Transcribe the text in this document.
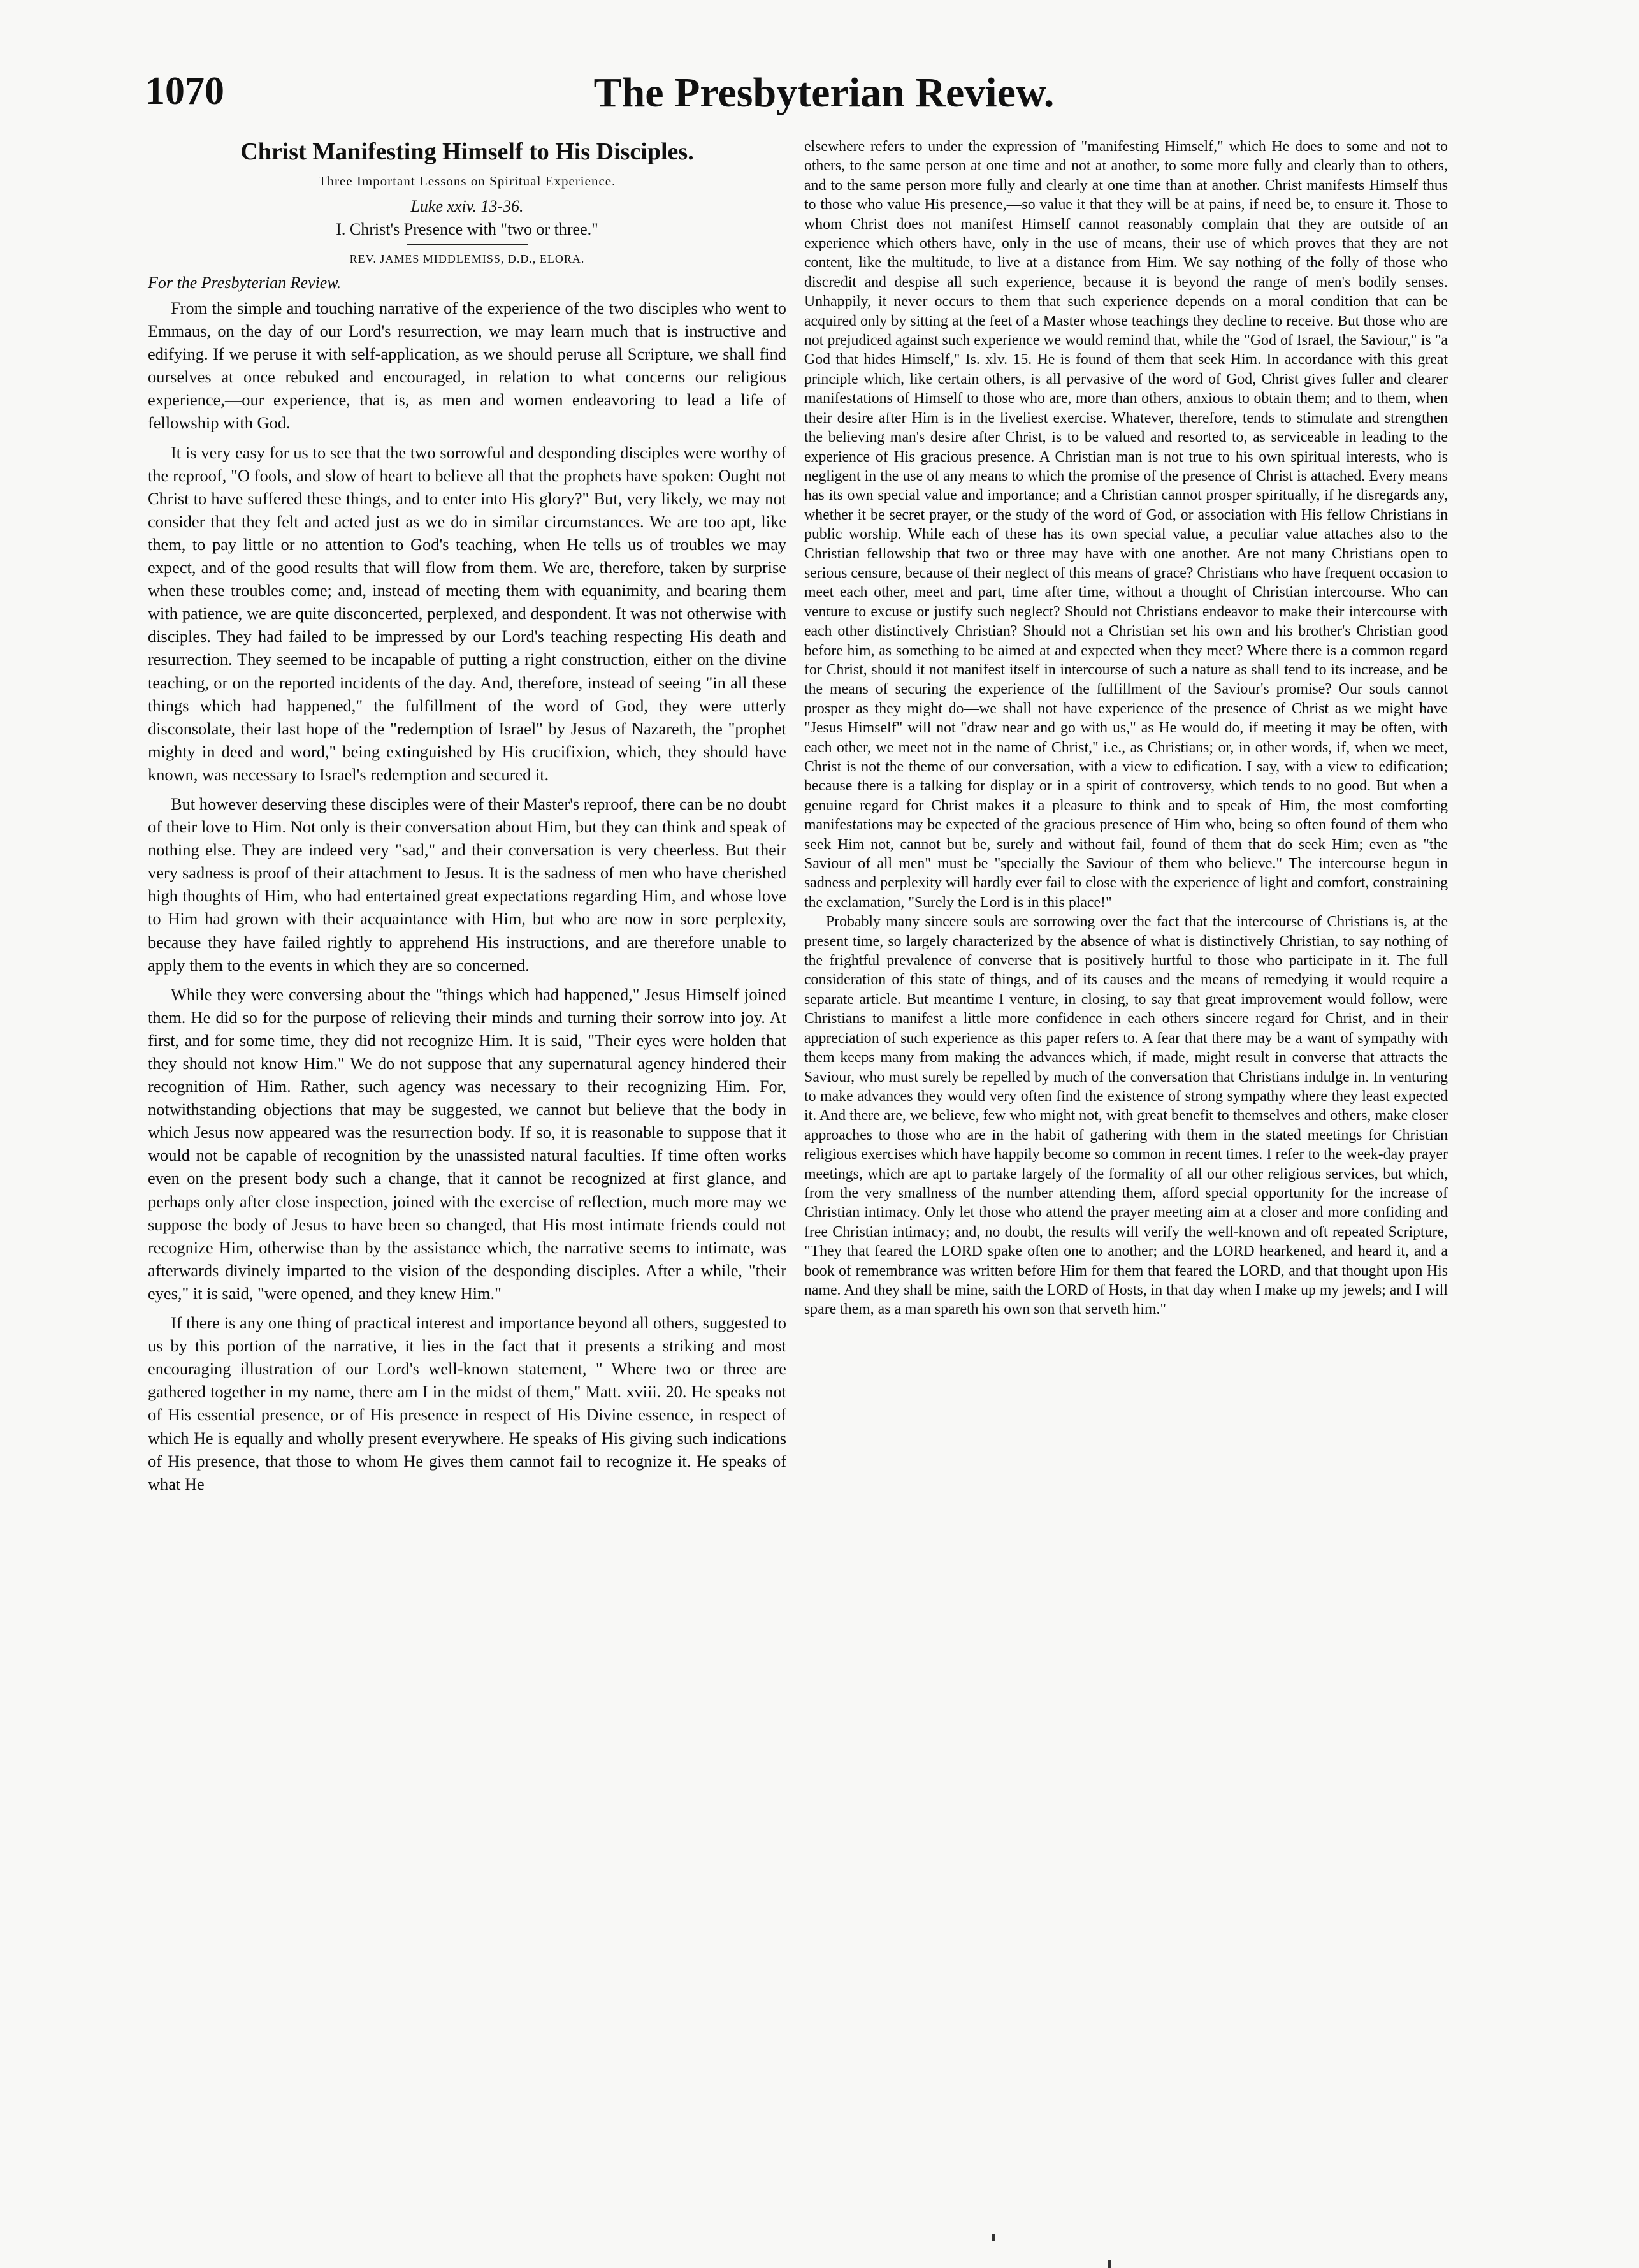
1070	The Presbyterian Review.
Christ Manifesting Himself to His Disciples.
Three Important Lessons on Spiritual Experience.
Luke xxiv. 13-36.
I. Christ's Presence with "two or three."
REV. JAMES MIDDLEMISS, D.D., ELORA.
For the Presbyterian Review.

From the simple and touching narrative of the experience of the two disciples who went to Emmaus, on the day of our Lord's resurrection, we may learn much that is instructive and edifying. If we peruse it with self-application, as we should peruse all Scripture, we shall find ourselves at once rebuked and encouraged, in relation to what concerns our religious experience,—our experience, that is, as men and women endeavoring to lead a life of fellowship with God.

It is very easy for us to see that the two sorrowful and desponding disciples were worthy of the reproof, "O fools, and slow of heart to believe all that the prophets have spoken: Ought not Christ to have suffered these things, and to enter into His glory?" But, very likely, we may not consider that they felt and acted just as we do in similar circumstances. We are too apt, like them, to pay little or no attention to God's teaching, when He tells us of troubles we may expect, and of the good results that will flow from them. We are, therefore, taken by surprise when these troubles come; and, instead of meeting them with equanimity, and bearing them with patience, we are quite disconcerted, perplexed, and despondent. It was not otherwise with disciples. They had failed to be impressed by our Lord's teaching respecting His death and resurrection. They seemed to be incapable of putting a right construction, either on the divine teaching, or on the reported incidents of the day. And, therefore, instead of seeing "in all these things which had happened," the fulfillment of the word of God, they were utterly disconsolate, their last hope of the "redemption of Israel" by Jesus of Nazareth, the "prophet mighty in deed and word," being extinguished by His crucifixion, which, they should have known, was necessary to Israel's redemption and secured it.

But however deserving these disciples were of their Master's reproof, there can be no doubt of their love to Him. Not only is their conversation about Him, but they can think and speak of nothing else. They are indeed very "sad," and their conversation is very cheerless. But their very sadness is proof of their attachment to Jesus. It is the sadness of men who have cherished high thoughts of Him, who had entertained great expectations regarding Him, and whose love to Him had grown with their acquaintance with Him, but who are now in sore perplexity, because they have failed rightly to apprehend His instructions, and are therefore unable to apply them to the events in which they are so concerned.

While they were conversing about the "things which had happened," Jesus Himself joined them. He did so for the purpose of relieving their minds and turning their sorrow into joy. At first, and for some time, they did not recognize Him. It is said, "Their eyes were holden that they should not know Him." We do not suppose that any supernatural agency hindered their recognition of Him. Rather, such agency was necessary to their recognizing Him. For, notwithstanding objections that may be suggested, we cannot but believe that the body in which Jesus now appeared was the resurrection body. If so, it is reasonable to suppose that it would not be capable of recognition by the unassisted natural faculties. If time often works even on the present body such a change, that it cannot be recognized at first glance, and perhaps only after close inspection, joined with the exercise of reflection, much more may we suppose the body of Jesus to have been so changed, that His most intimate friends could not recognize Him, otherwise than by the assistance which, the narrative seems to intimate, was afterwards divinely imparted to the vision of the desponding disciples. After a while, "their eyes," it is said, "were opened, and they knew Him."

If there is any one thing of practical interest and importance beyond all others, suggested to us by this portion of the narrative, it lies in the fact that it presents a striking and most encouraging illustration of our Lord's well-known statement, " Where two or three are gathered together in my name, there am I in the midst of them," Matt. xviii. 20. He speaks not of His essential presence, or of His presence in respect of His Divine essence, in respect of which He is equally and wholly present everywhere. He speaks of His giving such indications of His presence, that those to whom He gives them cannot fail to recognize it. He speaks of what He

elsewhere refers to under the expression of "manifesting Himself," which He does to some and not to others, to the same person at one time and not at another, to some more fully and clearly than to others, and to the same person more fully and clearly at one time than at another. Christ manifests Himself thus to those who value His presence,—so value it that they will be at pains, if need be, to ensure it. Those to whom Christ does not manifest Himself cannot reasonably complain that they are outside of an experience which others have, only in the use of means, their use of which proves that they are not content, like the multitude, to live at a distance from Him. We say nothing of the folly of those who discredit and despise all such experience, because it is beyond the range of men's bodily senses. Unhappily, it never occurs to them that such experience depends on a moral condition that can be acquired only by sitting at the feet of a Master whose teachings they decline to receive. But those who are not prejudiced against such experience we would remind that, while the "God of Israel, the Saviour," is "a God that hides Himself," Is. xlv. 15. He is found of them that seek Him. In accordance with this great principle which, like certain others, is all pervasive of the word of God, Christ gives fuller and clearer manifestations of Himself to those who are, more than others, anxious to obtain them; and to them, when their desire after Him is in the liveliest exercise. Whatever, therefore, tends to stimulate and strengthen the believing man's desire after Christ, is to be valued and resorted to, as serviceable in leading to the experience of His gracious presence. A Christian man is not true to his own spiritual interests, who is negligent in the use of any means to which the promise of the presence of Christ is attached. Every means has its own special value and importance; and a Christian cannot prosper spiritually, if he disregards any, whether it be secret prayer, or the study of the word of God, or association with His fellow Christians in public worship. While each of these has its own special value, a peculiar value attaches also to the Christian fellowship that two or three may have with one another. Are not many Christians open to serious censure, because of their neglect of this means of grace? Christians who have frequent occasion to meet each other, meet and part, time after time, without a thought of Christian intercourse. Who can venture to excuse or justify such neglect? Should not Christians endeavor to make their intercourse with each other distinctively Christian? Should not a Christian set his own and his brother's Christian good before him, as something to be aimed at and expected when they meet? Where there is a common regard for Christ, should it not manifest itself in intercourse of such a nature as shall tend to its increase, and be the means of securing the experience of the fulfillment of the Saviour's promise? Our souls cannot prosper as they might do—we shall not have experience of the presence of Christ as we might have "Jesus Himself" will not "draw near and go with us," as He would do, if meeting it may be often, with each other, we meet not in the name of Christ," i.e., as Christians; or, in other words, if, when we meet, Christ is not the theme of our conversation, with a view to edification. I say, with a view to edification; because there is a talking for display or in a spirit of controversy, which tends to no good. But when a genuine regard for Christ makes it a pleasure to think and to speak of Him, the most comforting manifestations may be expected of the gracious presence of Him who, being so often found of them who seek Him not, cannot but be, surely and without fail, found of them that do seek Him; even as "the Saviour of all men" must be "specially the Saviour of them who believe." The intercourse begun in sadness and perplexity will hardly ever fail to close with the experience of light and comfort, constraining the exclamation, "Surely the Lord is in this place!"

Probably many sincere souls are sorrowing over the fact that the intercourse of Christians is, at the present time, so largely characterized by the absence of what is distinctively Christian, to say nothing of the frightful prevalence of converse that is positively hurtful to those who participate in it. The full consideration of this state of things, and of its causes and the means of remedying it would require a separate article. But meantime I venture, in closing, to say that great improvement would follow, were Christians to manifest a little more confidence in each others sincere regard for Christ, and in their appreciation of such experience as this paper refers to. A fear that there may be a want of sympathy with them keeps many from making the advances which, if made, might result in converse that attracts the Saviour, who must surely be repelled by much of the conversation that Christians indulge in. In venturing to make advances they would very often find the existence of strong sympathy where they least expected it. And there are, we believe, few who might not, with great benefit to themselves and others, make closer approaches to those who are in the habit of gathering with them in the stated meetings for Christian religious exercises which have happily become so common in recent times. I refer to the week-day prayer meetings, which are apt to partake largely of the formality of all our other religious services, but which, from the very smallness of the number attending them, afford special opportunity for the increase of Christian intimacy. Only let those who attend the prayer meeting aim at a closer and more confiding and free Christian intimacy; and, no doubt, the results will verify the well-known and oft repeated Scripture, "They that feared the LORD spake often one to another; and the LORD hearkened, and heard it, and a book of remembrance was written before Him for them that feared the LORD, and that thought upon His name. And they shall be mine, saith the LORD of Hosts, in that day when I make up my jewels; and I will spare them, as a man spareth his own son that serveth him."
